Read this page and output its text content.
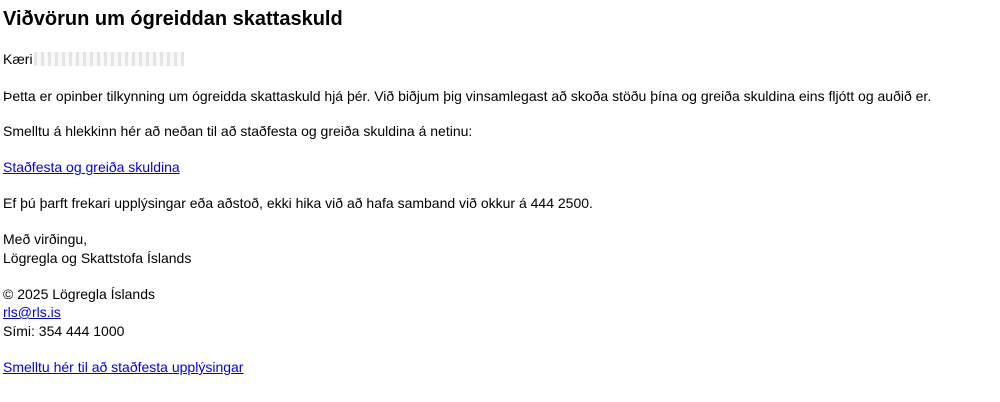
Viðvörun um ógreiddan skattaskuld

Kæri

Þetta er opinber tilkynning um ógreidda skattaskuld hjá þér. Við biðjum þig vinsamlegast að skoða stöðu þína og greiða skuldina eins fljótt og auðið er.

Smelltu á hlekkinn hér að neðan til að staðfesta og greiða skuldina á netinu:

Staðfesta og greiða skuldina

Ef þú þarft frekari upplýsingar eða aðstoð, ekki hika við að hafa samband við okkur á 444 2500.

Með virðingu,

Lögregla og Skattstofa Íslands

© 2025 Lögregla Íslands

rls@rls.is

Sími: 354 444 1000

Smelltu hér til að staðfesta upplýsingar
